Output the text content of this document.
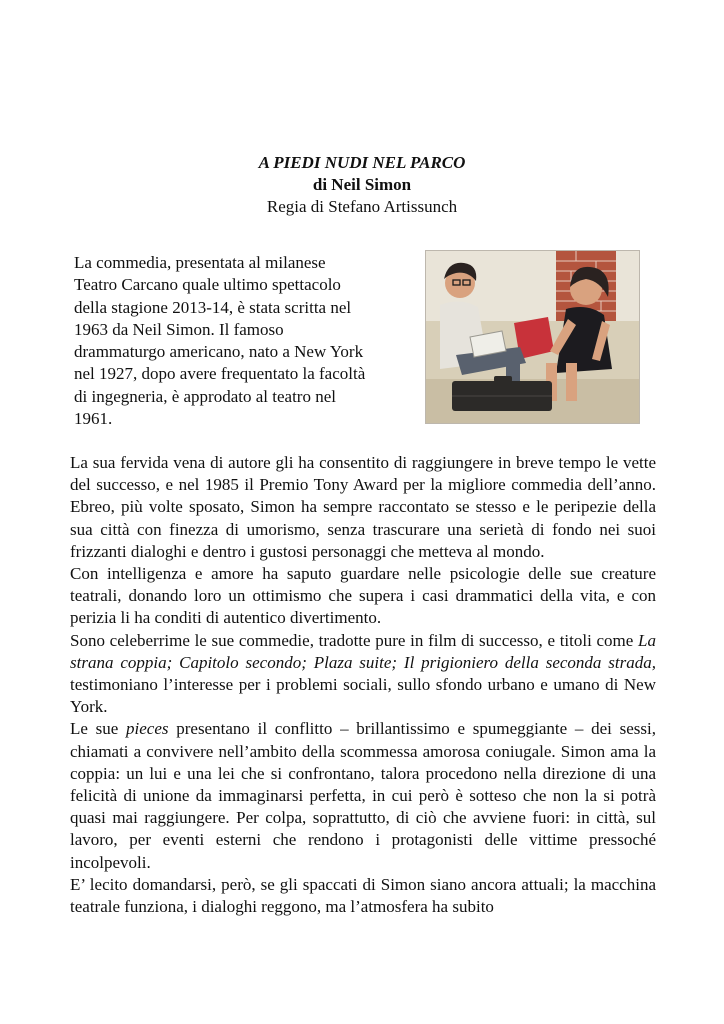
A PIEDI NUDI NEL PARCO
di Neil Simon
Regia di Stefano Artissunch
La commedia, presentata al milanese
Teatro Carcano quale ultimo spettacolo
della stagione 2013-14, è stata scritta nel
1963 da Neil Simon. Il famoso
drammaturgo americano, nato a New York
nel 1927, dopo avere frequentato la facoltà
di ingegneria, è approdato al teatro nel
1961.

La sua fervida vena di autore gli ha consentito di raggiungere in breve tempo le vette del successo, e nel 1985 il Premio Tony Award per la migliore commedia dell’anno. Ebreo, più volte sposato, Simon ha sempre raccontato se stesso e le peripezie della sua città con finezza di umorismo, senza trascurare una serietà di fondo nei suoi frizzanti dialoghi e dentro i gustosi personaggi che metteva al mondo.

Con intelligenza e amore ha saputo guardare nelle psicologie delle sue creature teatrali, donando loro un ottimismo che supera i casi drammatici della vita, e con perizia li ha conditi di autentico divertimento.

Sono celeberrime le sue commedie, tradotte pure in film di successo, e titoli come La strana coppia; Capitolo secondo; Plaza suite; Il prigioniero della seconda strada, testimoniano l’interesse per i problemi sociali, sullo sfondo urbano e umano di New York.

Le sue pieces presentano il conflitto – brillantissimo e spumeggiante – dei sessi, chiamati a convivere nell’ambito della scommessa amorosa coniugale. Simon ama la coppia: un lui e una lei che si confrontano, talora procedono nella direzione di una felicità di unione da immaginarsi perfetta, in cui però è sotteso che non la si potrà quasi mai raggiungere. Per colpa, soprattutto, di ciò che avviene fuori: in città, sul lavoro, per eventi esterni che rendono i protagonisti delle vittime pressoché incolpevoli.

E’ lecito domandarsi, però, se gli spaccati di Simon siano ancora attuali; la macchina teatrale funziona, i dialoghi reggono, ma l’atmosfera ha subito
